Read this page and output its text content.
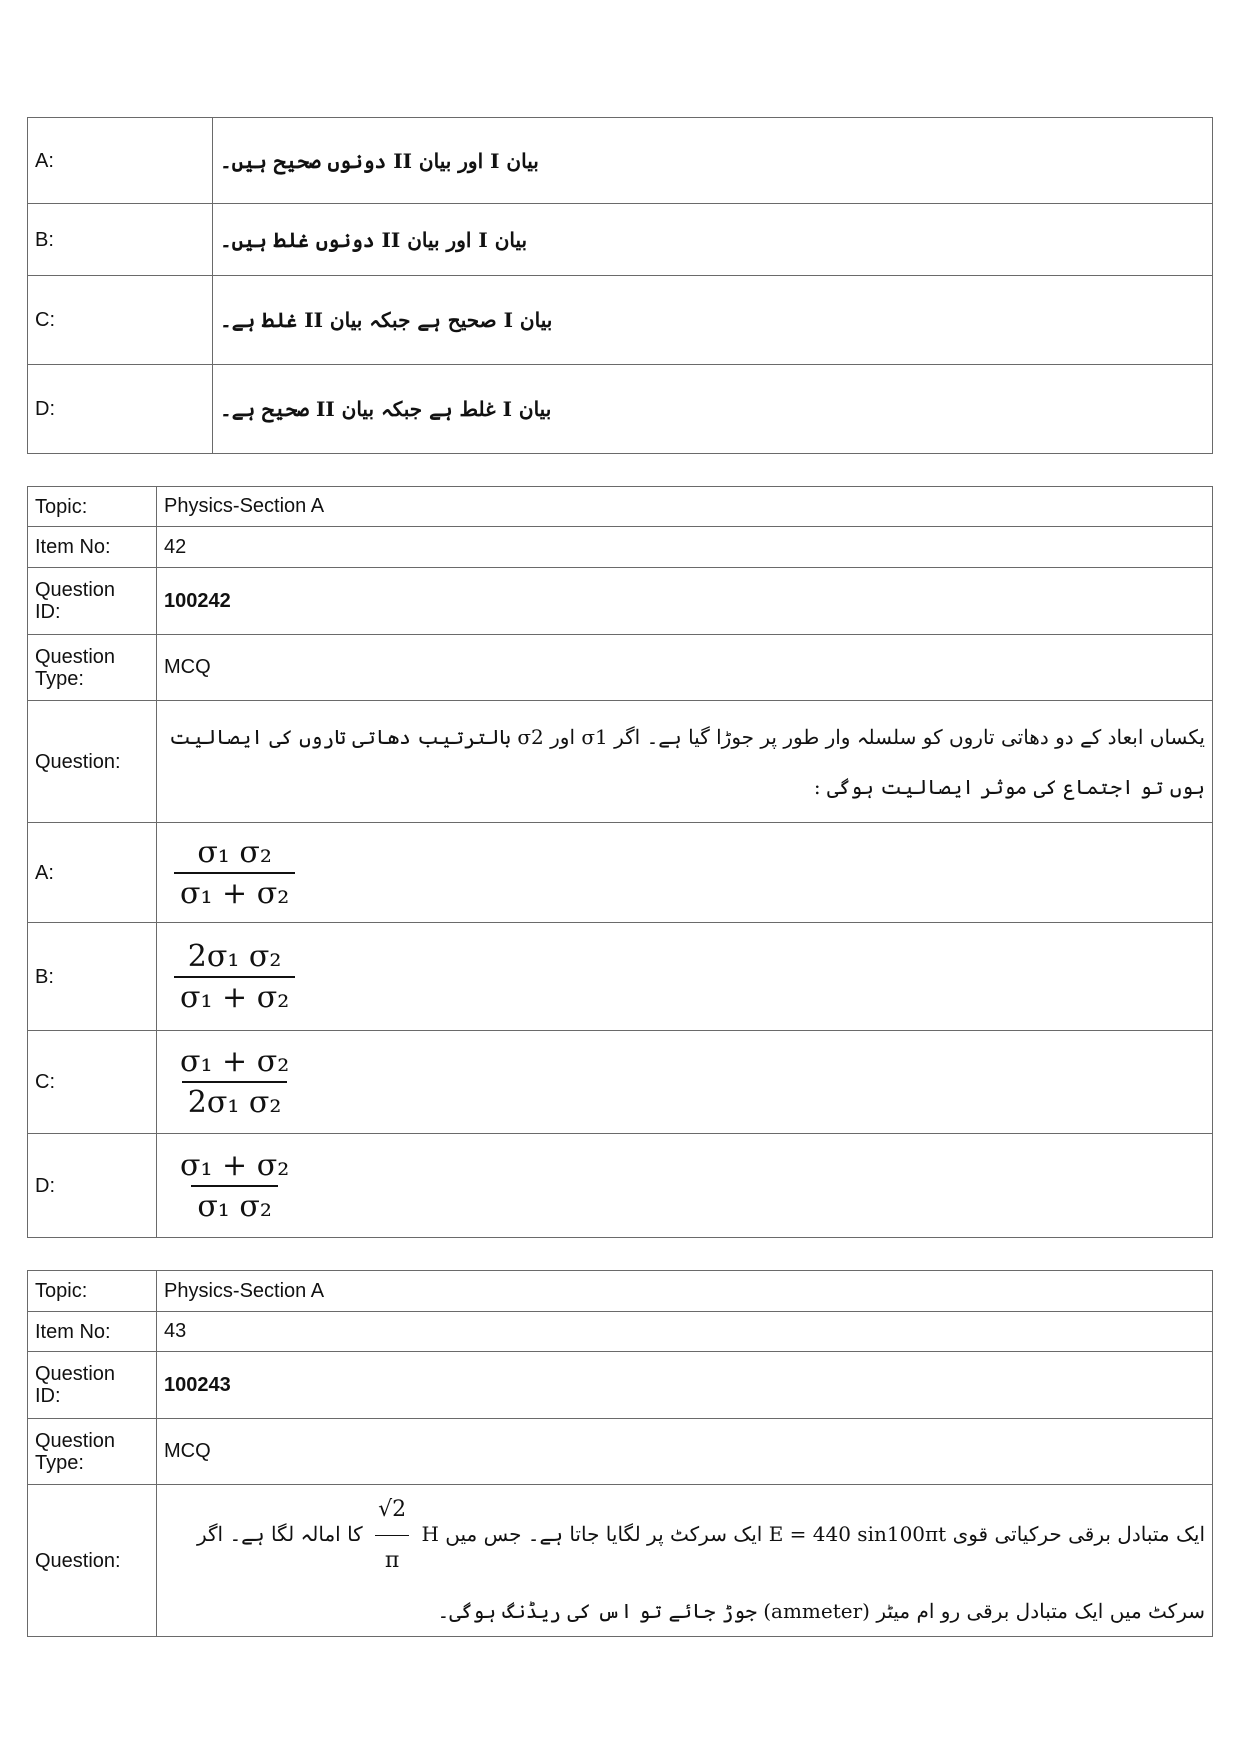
A:	بیان I اور بیان II دونوں صحیح ہیں۔
B:	بیان I اور بیان II دونوں غلط ہیں۔
C:	بیان I صحیح ہے جبکہ بیان II غلط ہے۔
D:	بیان I غلط ہے جبکہ بیان II صحیح ہے۔
Topic:	Physics-Section A
Item No:	42
Question
ID:	100242
Question
Type:	MCQ
Question:	یکساں ابعاد کے دو دھاتی تاروں کو سلسلہ وار طور پر جوڑا گیا ہے۔ اگر σ1 اور σ2 بالترتیب دھاتی تاروں کی ایصالیت ہوں تو اجتماع کی موثر ایصالیت ہوگی :
A:	$\frac{\text{σ₁ σ₂}}{\text{σ₁ + σ₂}}$

B:	$\frac{\text{2σ₁ σ₂}}{\text{σ₁ + σ₂}}$

C:	$\frac{\text{σ₁ + σ₂}}{\text{2σ₁ σ₂}}$

D:	$\frac{\text{σ₁ + σ₂}}{\text{σ₁ σ₂}}$
Topic:	Physics-Section A
Item No:	43
Question
ID:	100243
Question
Type:	MCQ
Question:	ایک متبادل برقی حرکیاتی قوی E = 440 sin100πt ایک سرکٹ پر لگایا جاتا ہے۔ جس میں H
$\frac{√2}{\pi}$
کا امالہ لگا ہے۔ اگر سرکٹ میں ایک متبادل برقی رو ام میٹر (ammeter) جوڑ جائے تو اس کی ریڈنگ ہوگی۔
